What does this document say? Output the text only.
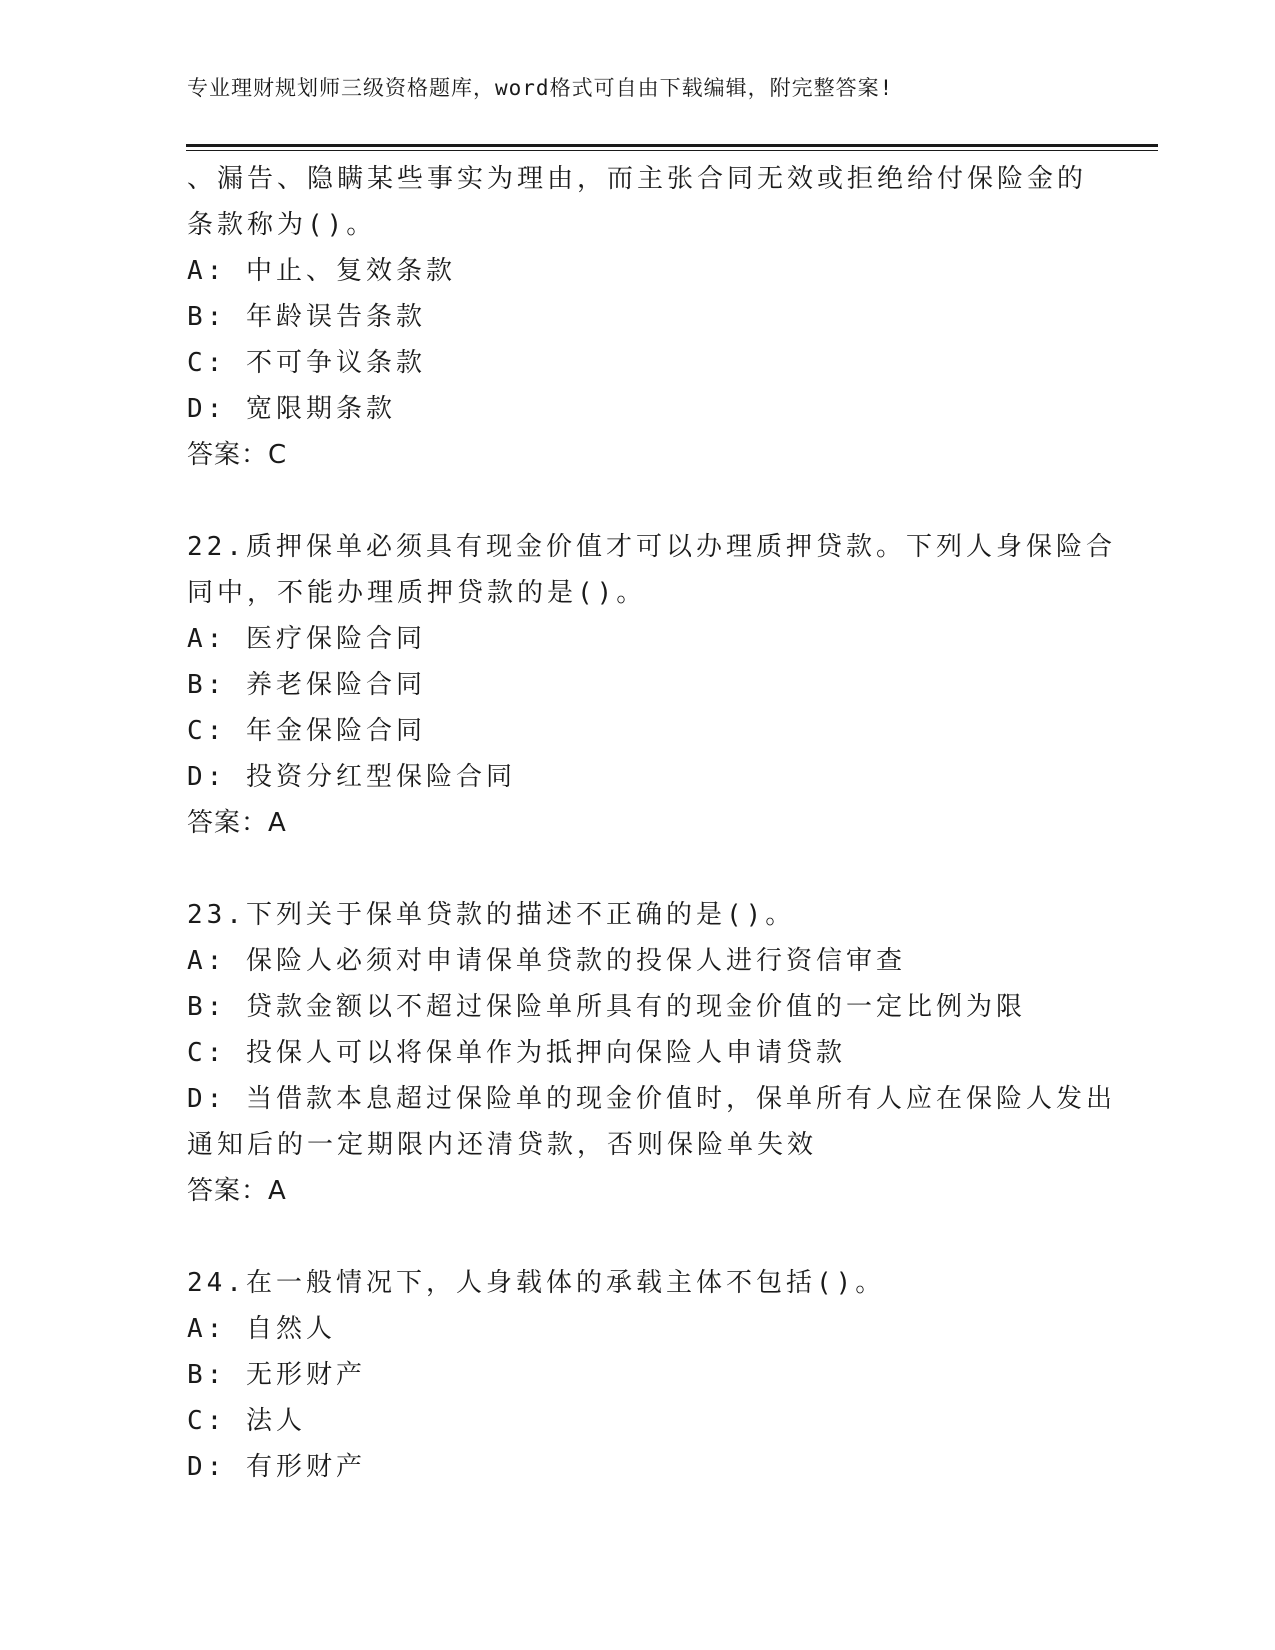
专业理财规划师三级资格题库，word格式可自由下载编辑，附完整答案!
、漏告、隐瞒某些事实为理由，而主张合同无效或拒绝给付保险金的
条款称为()。
A: 中止、复效条款
B: 年龄误告条款
C: 不可争议条款
D: 宽限期条款
答案：C
22.质押保单必须具有现金价值才可以办理质押贷款。下列人身保险合
同中，不能办理质押贷款的是()。
A: 医疗保险合同
B: 养老保险合同
C: 年金保险合同
D: 投资分红型保险合同
答案：A
23.下列关于保单贷款的描述不正确的是()。
A: 保险人必须对申请保单贷款的投保人进行资信审查
B: 贷款金额以不超过保险单所具有的现金价值的一定比例为限
C: 投保人可以将保单作为抵押向保险人申请贷款
D: 当借款本息超过保险单的现金价值时，保单所有人应在保险人发出
通知后的一定期限内还清贷款，否则保险单失效
答案：A
24.在一般情况下，人身载体的承载主体不包括()。
A: 自然人
B: 无形财产
C: 法人
D: 有形财产
